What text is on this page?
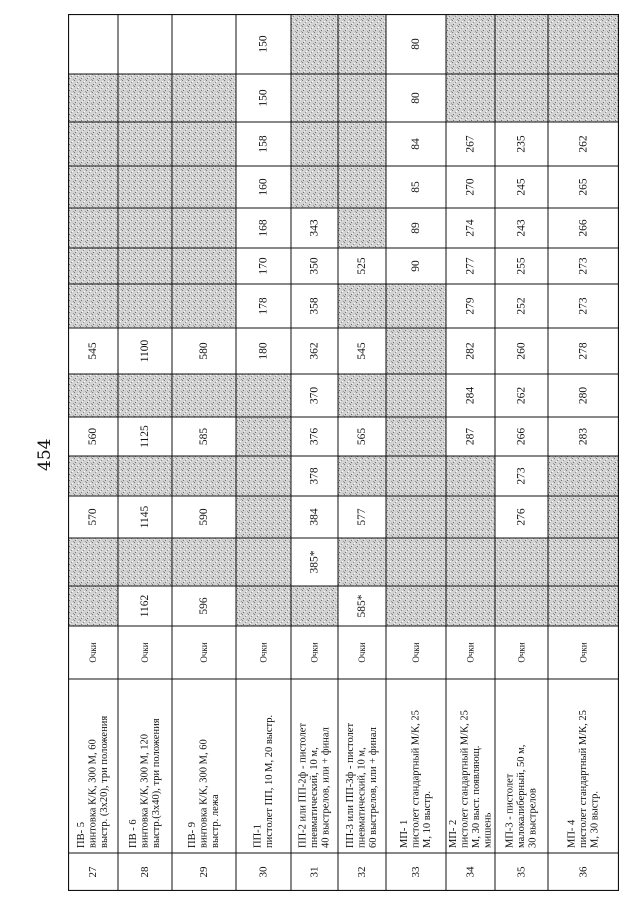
454
27
ПВ- 5 винтовка К/К, 300 М, 60 выстр. (3х20), три положения
Очки
570
560
545
28
ПВ - 6 винтовка К/К, 300 М, 120 выстр.(3х40), три положения
Очки
1162
1145
1125
1100
29
ПВ- 9 винтовка К/К, 300 М, 60 выстр. лежа
Очки
596
590
585
580
30
ПП-1 пистолет ПП, 10 М, 20 выстр.
Очки
180
178
170
168
160
158
150
150
31
ПП-2 или ПП-2ф - пистолет пневматический, 10 м, 40 выстрелов, или + финал
Очки
385*
384
378
376
370
362
358
350
343
32
ПП-3 или ПП-3ф - пистолет пневматический, 10 м, 60 выстрелов, или + финал
Очки
585*
577
565
545
525
33
МП- 1 пистолет стандартный М/К, 25 М, 10 выстр.
Очки
90
89
85
84
80
80
34
МП- 2 пистолет стандартный М/К, 25 М, 30 выст. появляющ. мишень
Очки
287
284
282
279
277
274
270
267
35
МП-3 - пистолет малокалиберный, 50 м, 30 выстрелов
Очки
276
273
266
262
260
252
255
243
245
235
36
МП- 4 пистолет стандартный М/К, 25 М, 30 выстр.
Очки
283
280
278
273
273
266
265
262
